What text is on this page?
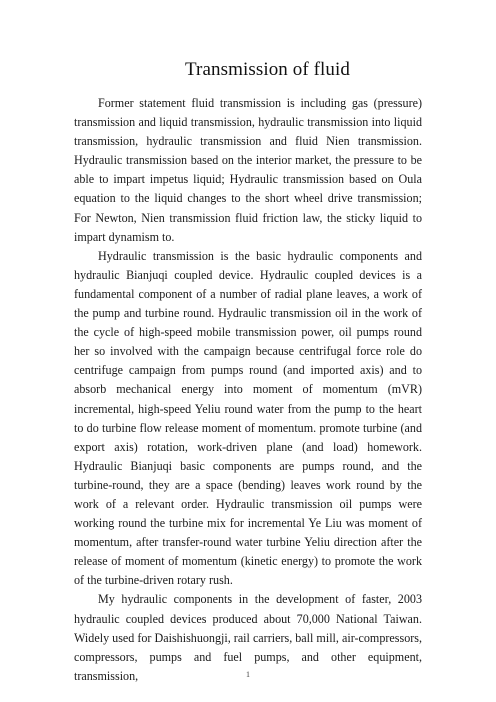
Transmission of fluid

Former statement fluid transmission is including gas (pressure) transmission and liquid transmission, hydraulic transmission into liquid transmission, hydraulic transmission and fluid Nien transmission. Hydraulic transmission based on the interior market, the pressure to be able to impart impetus liquid; Hydraulic transmission based on Oula equation to the liquid changes to the short wheel drive transmission; For Newton, Nien transmission fluid friction law, the sticky liquid to impart dynamism to.

Hydraulic transmission is the basic hydraulic components and hydraulic Bianjuqi coupled device. Hydraulic coupled devices is a fundamental component of a number of radial plane leaves, a work of the pump and turbine round. Hydraulic transmission oil in the work of the cycle of high-speed mobile transmission power, oil pumps round her so involved with the campaign because centrifugal force role do centrifuge campaign from pumps round (and imported axis) and to absorb mechanical energy into moment of momentum (mVR) incremental, high-speed Yeliu round water from the pump to the heart to do turbine flow release moment of momentum. promote turbine (and export axis) rotation, work-driven plane (and load) homework. Hydraulic Bianjuqi basic components are pumps round, and the turbine-round, they are a space (bending) leaves work round by the work of a relevant order. Hydraulic transmission oil pumps were working round the turbine mix for incremental Ye Liu was moment of momentum, after transfer-round water turbine Yeliu direction after the release of moment of momentum (kinetic energy) to promote the work of the turbine-driven rotary rush.

My hydraulic components in the development of faster, 2003 hydraulic coupled devices produced about 70,000 National Taiwan. Widely used for Daishishuongji, rail carriers, ball mill, air-compressors, compressors, pumps and fuel pumps, and other equipment, transmission,	1
